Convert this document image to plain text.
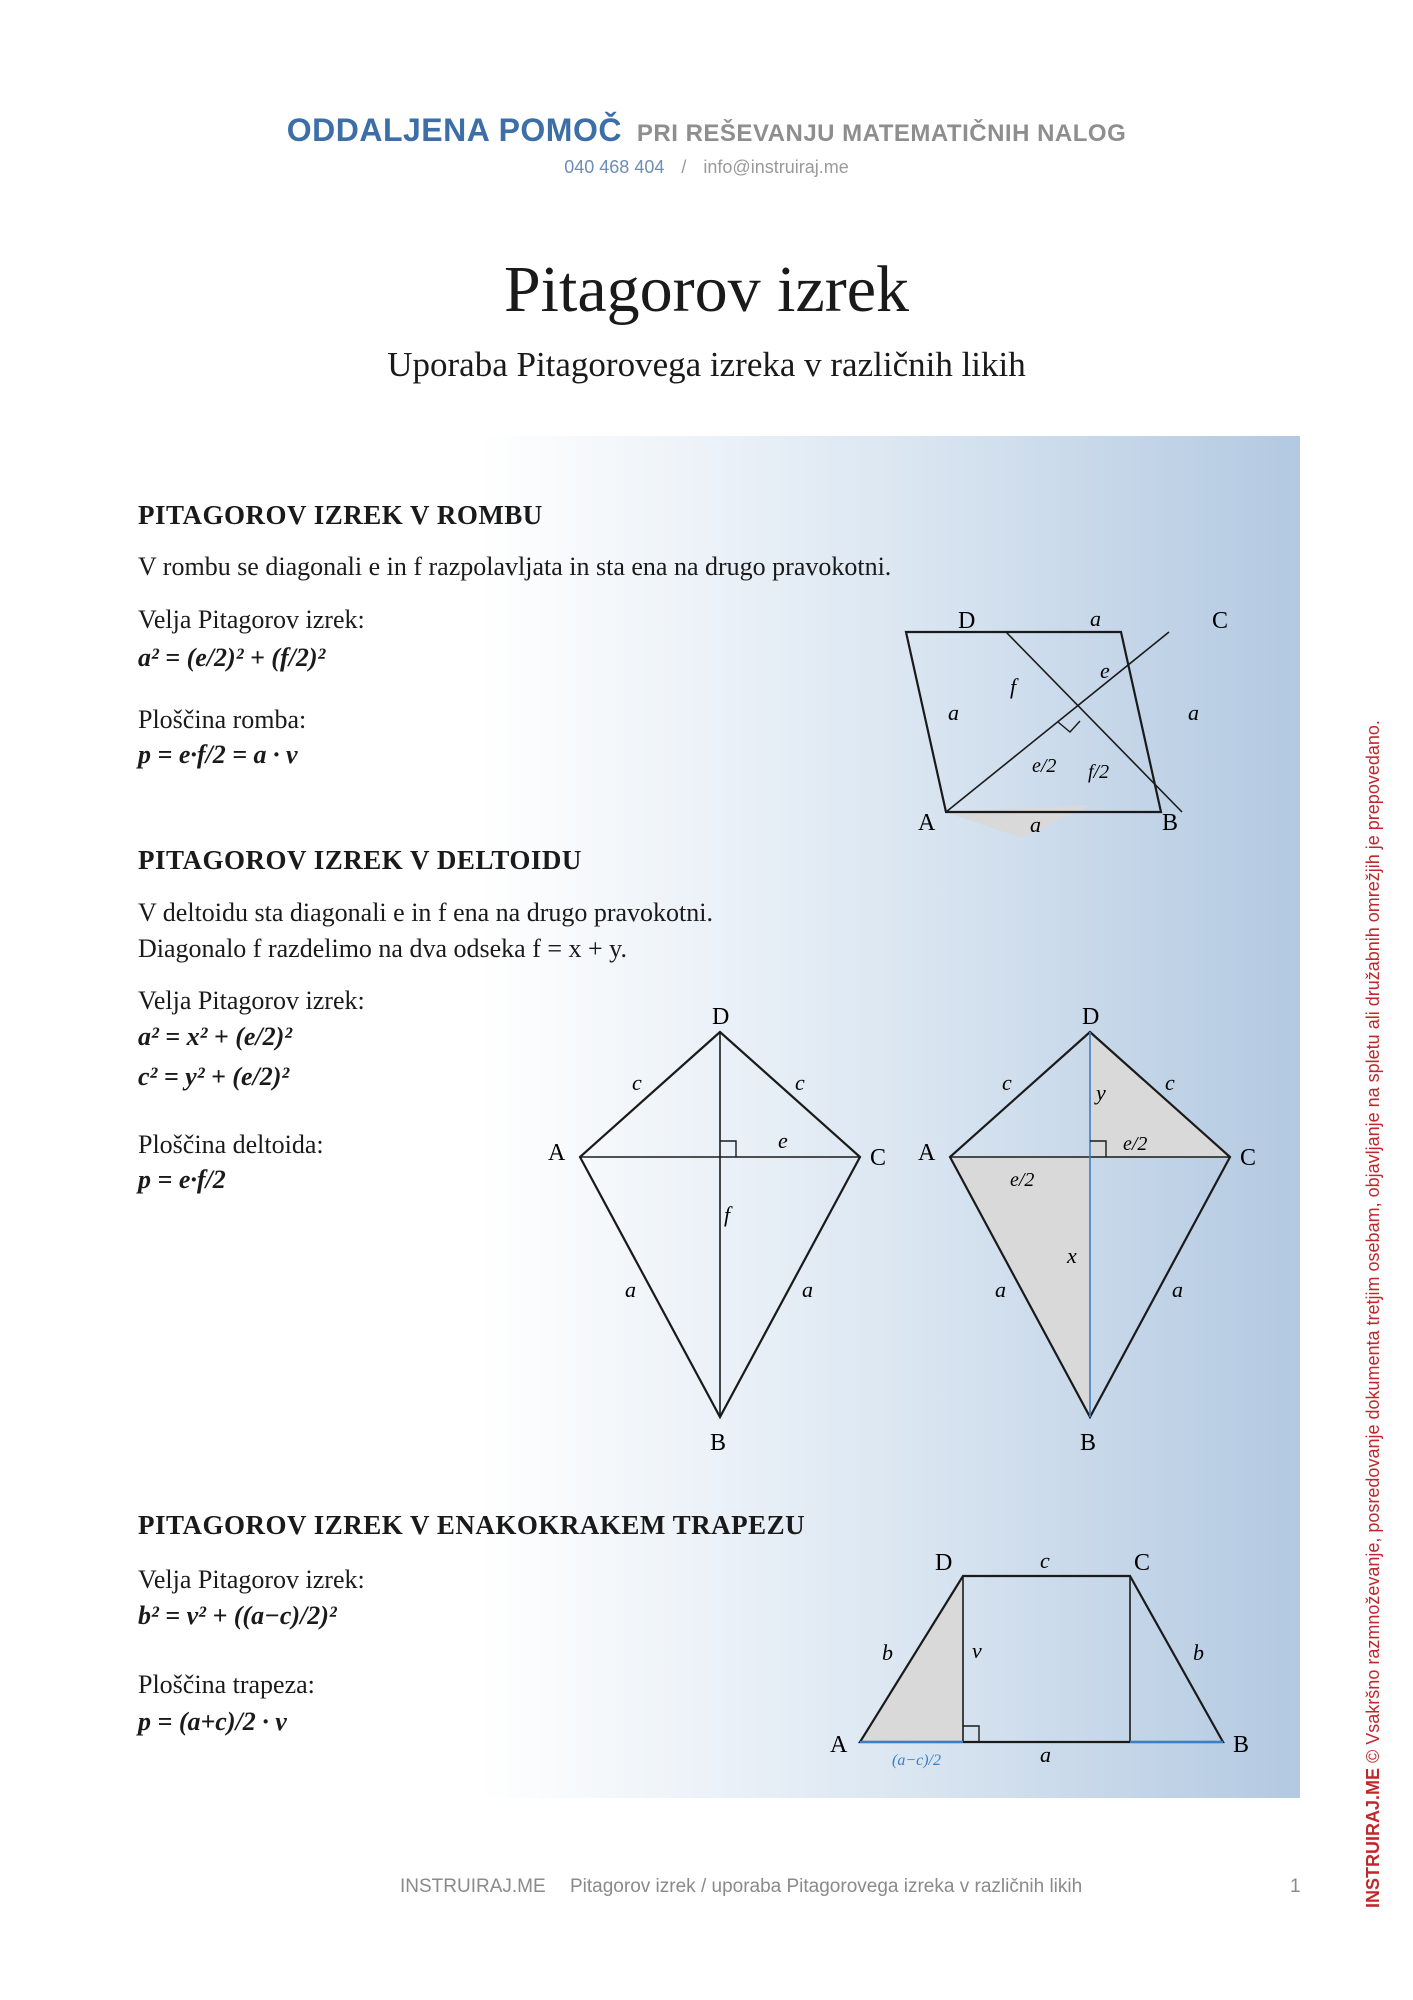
ODDALJENA POMOČ PRI REŠEVANJU MATEMATIČNIH NALOG
040 468 404 / info@instruiraj.me
Pitagorov izrek
Uporaba Pitagorovega izreka v različnih likih
PITAGOROV IZREK V ROMBU
V rombu se diagonali e in f razpolavljata in sta ena na drugo pravokotni.
Velja Pitagorov izrek:
a² = (e/2)² + (f/2)²
Ploščina romba:
p = e·f/2 = a · v
D	C
A	B
a
a	a
a
e
f
e/2 f/2
PITAGOROV IZREK V DELTOIDU
V deltoidu sta diagonali e in f ena na drugo pravokotni.
Diagonalo f razdelimo na dva odseka f = x + y.
Velja Pitagorov izrek:
a² = x² + (e/2)²
c² = y² + (e/2)²
Ploščina deltoida:
p = e·f/2
D
A	C
B
c	c
e
f
a	a
D
A	C
B
c	c
y
e/2
e/2
x
a	a
PITAGOROV IZREK V ENAKOKRAKEM TRAPEZU
Velja Pitagorov izrek:
b² = v² + ((a−c)/2)²
Ploščina trapeza:
p = (a+c)/2 · v
D	C
A	B
c
b	b
v
a
(a−c)/2
INSTRUIRAJ.ME Pitagorov izrek / uporaba Pitagorovega izreka v različnih likih	1	INSTRUIRAJ.ME © Vsakršno razmnoževanje, posredovanje dokumenta tretjim osebam, objavljanje na spletu ali družabnih omrežjih je prepovedano.
